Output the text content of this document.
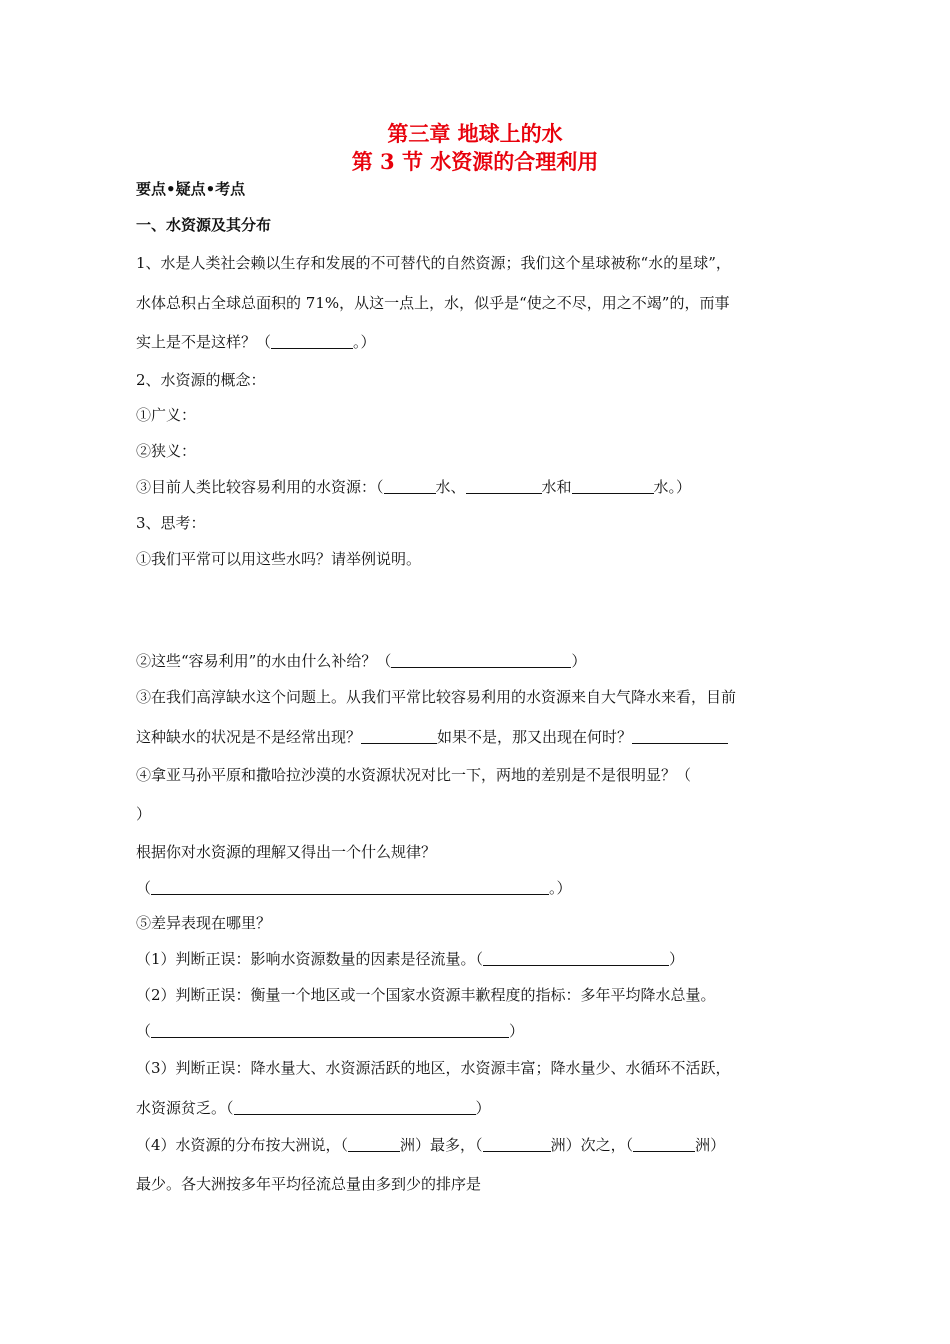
第三章 地球上的水
第 3 节 水资源的合理利用
要点•疑点•考点
一、水资源及其分布
1、水是人类社会赖以生存和发展的不可替代的自然资源；我们这个星球被称“水的星球”，
水体总积占全球总面积的 71%，从这一点上，水，似乎是“使之不尽，用之不竭”的，而事
实上是不是这样？（	。）
2、水资源的概念：
①广义：
②狭义：
③目前人类比较容易利用的水资源：（	水、	水和	水。）
3、思考：
①我们平常可以用这些水吗？请举例说明。
②这些“容易利用”的水由什么补给？（	）
③在我们高淳缺水这个问题上。从我们平常比较容易利用的水资源来自大气降水来看，目前
这种缺水的状况是不是经常出现？	如果不是，那又出现在何时？
④拿亚马孙平原和撒哈拉沙漠的水资源状况对比一下，两地的差别是不是很明显？（
）
根据你对水资源的理解又得出一个什么规律？
（	。）
⑤差异表现在哪里？
（1）判断正误：影响水资源数量的因素是径流量。（	）
（2）判断正误：衡量一个地区或一个国家水资源丰歉程度的指标：多年平均降水总量。
（	）
（3）判断正误：降水量大、水资源活跃的地区，水资源丰富；降水量少、水循环不活跃，
水资源贫乏。（	）
（4）水资源的分布按大洲说，（	洲）最多，（	洲）次之，（	洲）
最少。各大洲按多年平均径流总量由多到少的排序是
